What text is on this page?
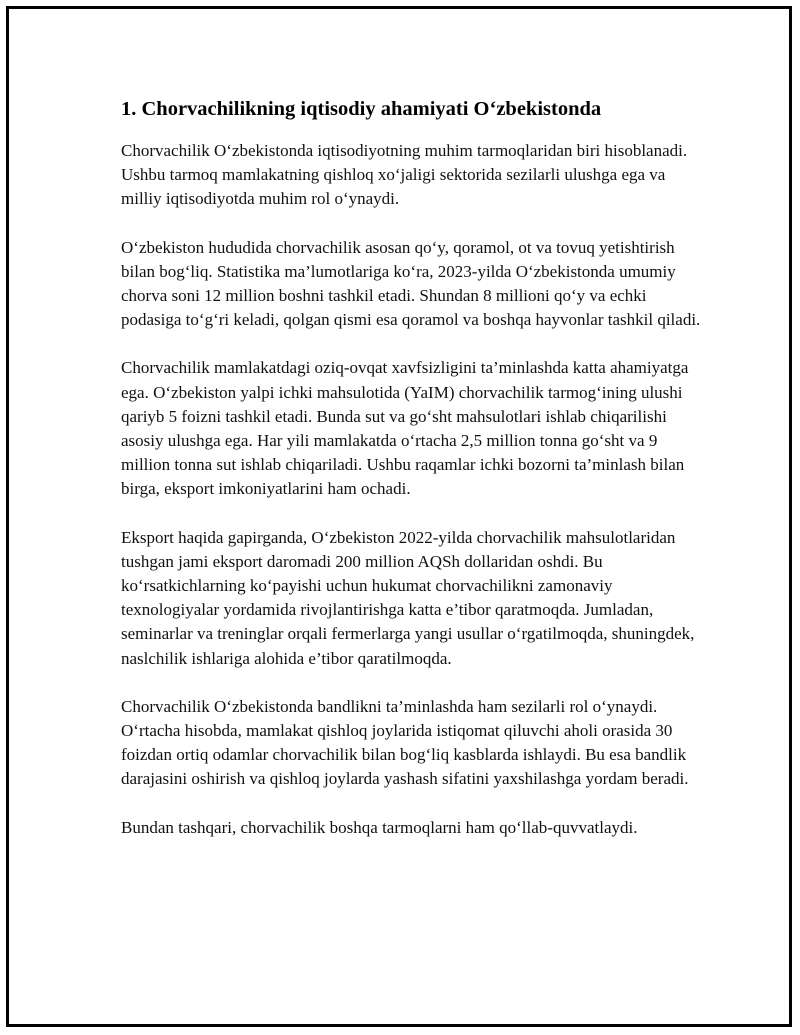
1. Chorvachilikning iqtisodiy ahamiyati O‘zbekistonda

Chorvachilik O‘zbekistonda iqtisodiyotning muhim tarmoqlaridan biri hisoblanadi. Ushbu tarmoq mamlakatning qishloq xo‘jaligi sektorida sezilarli ulushga ega va milliy iqtisodiyotda muhim rol o‘ynaydi.

O‘zbekiston hududida chorvachilik asosan qo‘y, qoramol, ot va tovuq yetishtirish bilan bog‘liq. Statistika ma’lumotlariga ko‘ra, 2023-yilda O‘zbekistonda umumiy chorva soni 12 million boshni tashkil etadi. Shundan 8 millioni qo‘y va echki podasiga to‘g‘ri keladi, qolgan qismi esa qoramol va boshqa hayvonlar tashkil qiladi.

Chorvachilik mamlakatdagi oziq-ovqat xavfsizligini ta’minlashda katta ahamiyatga ega. O‘zbekiston yalpi ichki mahsulotida (YaIM) chorvachilik tarmog‘ining ulushi qariyb 5 foizni tashkil etadi. Bunda sut va go‘sht mahsulotlari ishlab chiqarilishi asosiy ulushga ega. Har yili mamlakatda o‘rtacha 2,5 million tonna go‘sht va 9 million tonna sut ishlab chiqariladi. Ushbu raqamlar ichki bozorni ta’minlash bilan birga, eksport imkoniyatlarini ham ochadi.

Eksport haqida gapirganda, O‘zbekiston 2022-yilda chorvachilik mahsulotlaridan tushgan jami eksport daromadi 200 million AQSh dollaridan oshdi. Bu ko‘rsatkichlarning ko‘payishi uchun hukumat chorvachilikni zamonaviy texnologiyalar yordamida rivojlantirishga katta e’tibor qaratmoqda. Jumladan, seminarlar va treninglar orqali fermerlarga yangi usullar o‘rgatilmoqda, shuningdek, naslchilik ishlariga alohida e’tibor qaratilmoqda.

Chorvachilik O‘zbekistonda bandlikni ta’minlashda ham sezilarli rol o‘ynaydi. O‘rtacha hisobda, mamlakat qishloq joylarida istiqomat qiluvchi aholi orasida 30 foizdan ortiq odamlar chorvachilik bilan bog‘liq kasblarda ishlaydi. Bu esa bandlik darajasini oshirish va qishloq joylarda yashash sifatini yaxshilashga yordam beradi.

Bundan tashqari, chorvachilik boshqa tarmoqlarni ham qo‘llab-quvvatlaydi.
